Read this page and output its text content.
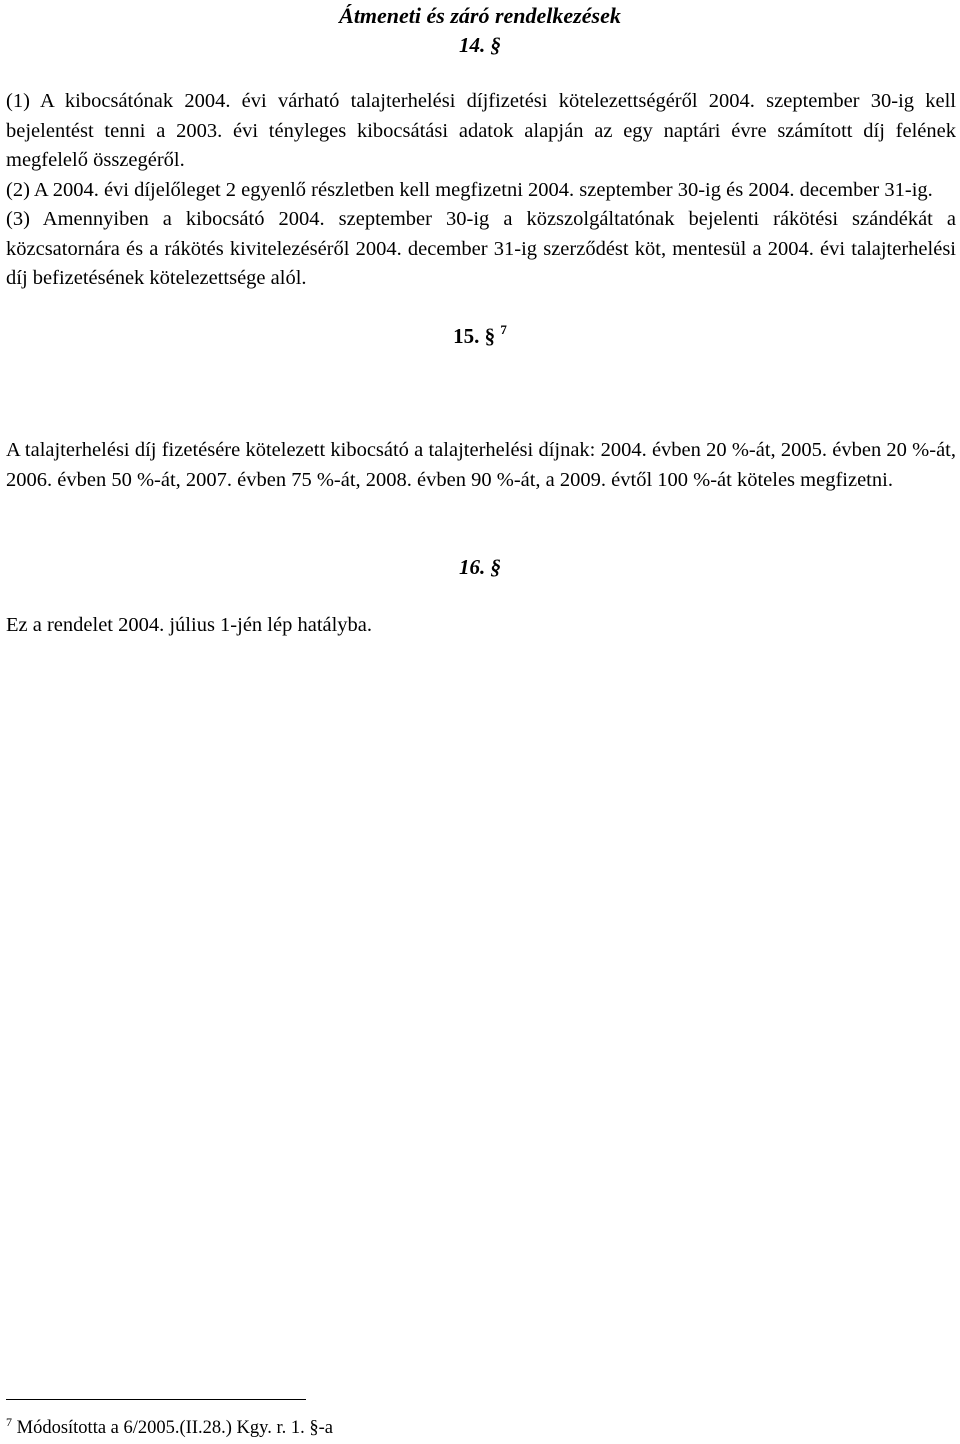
Átmeneti és záró rendelkezések
14. §

(1) A kibocsátónak 2004. évi várható talajterhelési díjfizetési kötelezettségéről 2004. szeptember 30-ig kell bejelentést tenni a 2003. évi tényleges kibocsátási adatok alapján az egy naptári évre számított díj felének megfelelő összegéről.

(2) A 2004. évi díjelőleget 2 egyenlő részletben kell megfizetni 2004. szeptember 30-ig és 2004. december 31-ig.

(3) Amennyiben a kibocsátó 2004. szeptember 30-ig a közszolgáltatónak bejelenti rákötési szándékát a közcsatornára és a rákötés kivitelezéséről 2004. december 31-ig szerződést köt, mentesül a 2004. évi talajterhelési díj befizetésének kötelezettsége alól.

15. § $^7$

A talajterhelési díj fizetésére kötelezett kibocsátó a talajterhelési díjnak: 2004. évben 20 %-át, 2005. évben 20 %-át, 2006. évben 50 %-át, 2007. évben 75 %-át, 2008. évben 90 %-át, a 2009. évtől 100 %-át köteles megfizetni.

16. §

Ez a rendelet 2004. július 1-jén lép hatályba.

$^7$ Módosította a 6/2005.(II.28.) Kgy. r. 1. §-a
